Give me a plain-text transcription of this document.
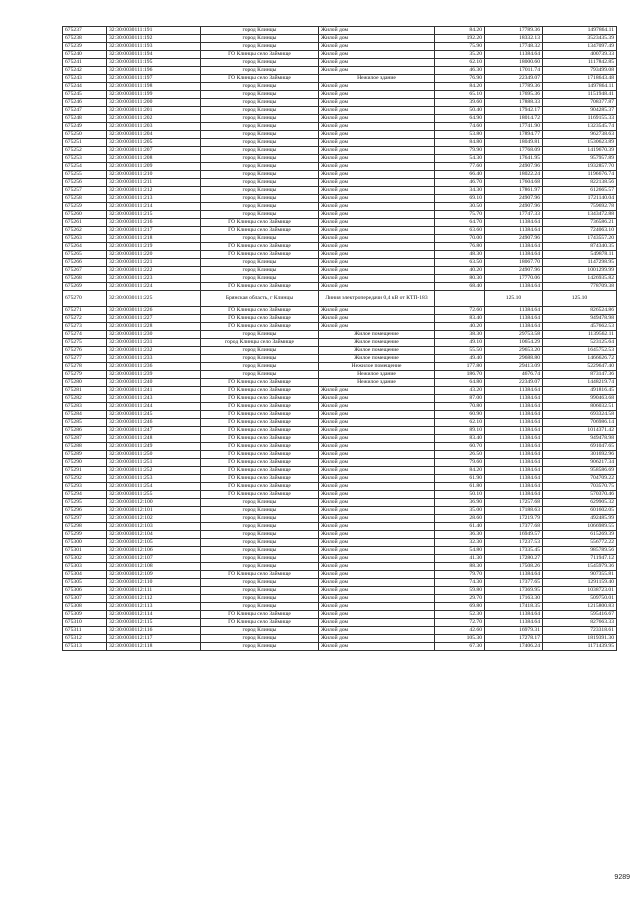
675237	32:30:0030111:191	город Клинцы	Жилой дом	84.20	17789.36	1497864.11
675238	32:30:0030111:192	город Клинцы	Жилой дом	192.20	18332.13	3523435.39
675239	32:30:0030111:193	город Клинцы	Жилой дом	75.90	17748.32	1347097.49
675240	32:30:0030111:194	ГО Клинцы село Займище	Жилой дом	35.20	11384.64	400739.33
675241	32:30:0030111:195	город Клинцы	Жилой дом	62.10	18000.60	1117842.85
675242	32:30:0030111:196	город Клинцы	Жилой дом	46.30	17011.74	793499.08
675243	32:30:0030111:197	ГО Клинцы село Займище	Нежилое здание	76.90	22349.07	1718643.48
675244	32:30:0030111:198	город Клинцы	Жилой дом	84.20	17789.36	1497864.11
675245	32:30:0030111:199	город Клинцы	Жилой дом	65.10	17695.36	1151948.41
675246	32:30:0030111:200	город Клинцы	Жилой дом	39.60	17888.33	708377.87
675247	32:30:0030111:201	город Клинцы	Жилой дом	50.40	17942.17	904285.37
675248	32:30:0030111:202	город Клинцы	Жилой дом	64.90	18014.72	1169155.33
675249	32:30:0030111:203	город Клинцы	Жилой дом	74.60	17741.90	1323545.74
675250	32:30:0030111:204	город Клинцы	Жилой дом	53.80	17894.77	962738.63
675251	32:30:0030111:205	город Клинцы	Жилой дом	84.80	18049.81	1530623.89
675252	32:30:0030111:207	город Клинцы	Жилой дом	79.90	17768.09	1419670.39
675253	32:30:0030111:208	город Клинцы	Жилой дом	54.30	17641.95	957957.89
675254	32:30:0030111:209	город Клинцы	Жилой дом	77.60	24907.96	1932857.70
675255	32:30:0030111:210	город Клинцы	Жилой дом	66.40	18022.24	1196676.74
675256	32:30:0030111:211	город Клинцы	Жилой дом	46.70	17604.68	822138.56
675257	32:30:0030111:212	город Клинцы	Жилой дом	34.30	17861.97	612665.57
675258	32:30:0030111:213	город Клинцы	Жилой дом	69.10	24907.96	1721140.04
675259	32:30:0030111:214	город Клинцы	Жилой дом	30.50	24907.96	759692.78
675260	32:30:0030111:215	город Клинцы	Жилой дом	75.70	17747.33	1343472.88
675261	32:30:0030111:216	ГО Клинцы село Займище	Жилой дом	64.70	11384.64	736586.21
675262	32:30:0030111:217	ГО Клинцы село Займище	Жилой дом	63.60	11384.64	724063.10
675263	32:30:0030111:218	город Клинцы	Жилой дом	70.00	24907.96	1743557.20
675264	32:30:0030111:219	ГО Клинцы село Займище	Жилой дом	76.80	11384.64	874340.35
675265	32:30:0030111:220	ГО Клинцы село Займище	Жилой дом	48.30	11384.64	549878.11
675266	32:30:0030111:221	город Клинцы	Жилой дом	63.50	18067.70	1147298.95
675267	32:30:0030111:222	город Клинцы	Жилой дом	40.20	24907.96	1001299.99
675268	32:30:0030111:223	город Клинцы	Жилой дом	80.30	17770.06	1426935.82
675269	32:30:0030111:224	ГО Клинцы село Займище	Жилой дом	68.40	11384.64	778709.38
675270	32:30:0030111:225	Брянская область, г Клинцы	Линия электропередачи 0,4 кВ от КТП-183		125.10	125.10
675271	32:30:0030111:226	ГО Клинцы село Займище	Жилой дом	72.60	11384.64	826524.86
675272	32:30:0030111:227	ГО Клинцы село Займище	Жилой дом	83.40	11384.64	949478.98
675273	32:30:0030111:228	ГО Клинцы село Займище	Жилой дом	40.20	11384.64	457662.53
675274	32:30:0030111:230	город Клинцы	Жилое помещение	38.30	29753.58	1139562.11
675275	32:30:0030111:231	город Клинцы село Займище	Жилое помещение	49.10	10654.29	523125.64
675276	32:30:0030111:232	город Клинцы	Жилое помещение	55.50	29653.20	1645752.53
675277	32:30:0030111:233	город Клинцы	Жилое помещение	49.40	29688.80	1466626.72
675278	32:30:0030111:236	город Клинцы	Нежилое помещение	177.80	29413.09	5229647.40
675279	32:30:0030111:239	город Клинцы	Нежилое здание	186.70	4676.74	873147.36
675280	32:30:0030111:240	ГО Клинцы село Займище	Нежилое здание	64.80	22349.07	1448219.74
675281	32:30:0030111:241	ГО Клинцы село Займище	Жилой дом	43.20	11384.64	491816.45
675282	32:30:0030111:243	ГО Клинцы село Займище	Жилой дом	87.00	11384.64	990463.68
675283	32:30:0030111:244	ГО Клинцы село Займище	Жилой дом	70.80	11384.64	806032.51
675284	32:30:0030111:245	ГО Клинцы село Займище	Жилой дом	60.90	11384.64	693324.58
675285	32:30:0030111:246	ГО Клинцы село Займище	Жилой дом	62.10	11384.64	706986.14
675286	32:30:0030111:247	ГО Клинцы село Займище	Жилой дом	89.10	11384.64	1014371.42
675287	32:30:0030111:248	ГО Клинцы село Займище	Жилой дом	83.40	11384.64	949478.98
675288	32:30:0030111:249	ГО Клинцы село Займище	Жилой дом	60.70	11384.64	691047.65
675289	32:30:0030111:250	ГО Клинцы село Займище	Жилой дом	26.50	11384.64	301692.96
675290	32:30:0030111:251	ГО Клинцы село Займище	Жилой дом	79.60	11384.64	906217.34
675291	32:30:0030111:252	ГО Клинцы село Займище	Жилой дом	84.20	11384.64	958586.69
675292	32:30:0030111:253	ГО Клинцы село Займище	Жилой дом	61.90	11384.64	704709.22
675293	32:30:0030111:254	ГО Клинцы село Займище	Жилой дом	61.80	11384.64	703570.75
675294	32:30:0030111:255	ГО Клинцы село Займище	Жилой дом	50.10	11384.64	570370.46
675295	32:30:0030112:100	город Клинцы	Жилой дом	36.90	17257.68	629905.32
675296	32:30:0030112:101	город Клинцы	Жилой дом	35.00	17188.63	601602.05
675297	32:30:0030112:102	город Клинцы	Жилой дом	28.60	17219.79	492485.99
675298	32:30:0030112:103	город Клинцы	Жилой дом	61.40	17377.68	1066989.55
675299	32:30:0030112:104	город Клинцы	Жилой дом	36.30	16949.57	615269.39
675300	32:30:0030112:105	город Клинцы	Жилой дом	32.30	17237.53	556772.22
675301	32:30:0030112:106	город Клинцы	Жилой дом	54.80	17335.45	985789.56
675302	32:30:0030112:107	город Клинцы	Жилой дом	41.30	17280.27	711947.12
675303	32:30:0030112:108	город Клинцы	Жилой дом	88.30	17508.26	1545979.36
675304	32:30:0030112:109	ГО Клинцы село Займище	Жилой дом	79.70	11384.64	907355.81
675305	32:30:0030112:110	город Клинцы	Жилой дом	74.30	17377.65	1291159.40
675306	32:30:0030112:111	город Клинцы	Жилой дом	59.80	17369.95	1038723.01
675307	32:30:0030112:112	город Клинцы	Жилой дом	29.70	17163.30	509750.01
675308	32:30:0030112:113	город Клинцы	Жилой дом	69.80	17418.35	1215800.83
675309	32:30:0030112:114	ГО Клинцы село Займище	Жилой дом	52.30	11384.64	595416.67
675310	32:30:0030112:115	ГО Клинцы село Займище	Жилой дом	72.70	11384.64	827663.33
675311	32:30:0030112:116	город Клинцы	Жилой дом	42.60	16979.31	723318.61
675312	32:30:0030112:117	город Клинцы	Жилой дом	105.30	17278.17	1819391.30
675313	32:30:0030112:118	город Клинцы	Жилой дом	67.30	17406.24	1171439.95
9289
